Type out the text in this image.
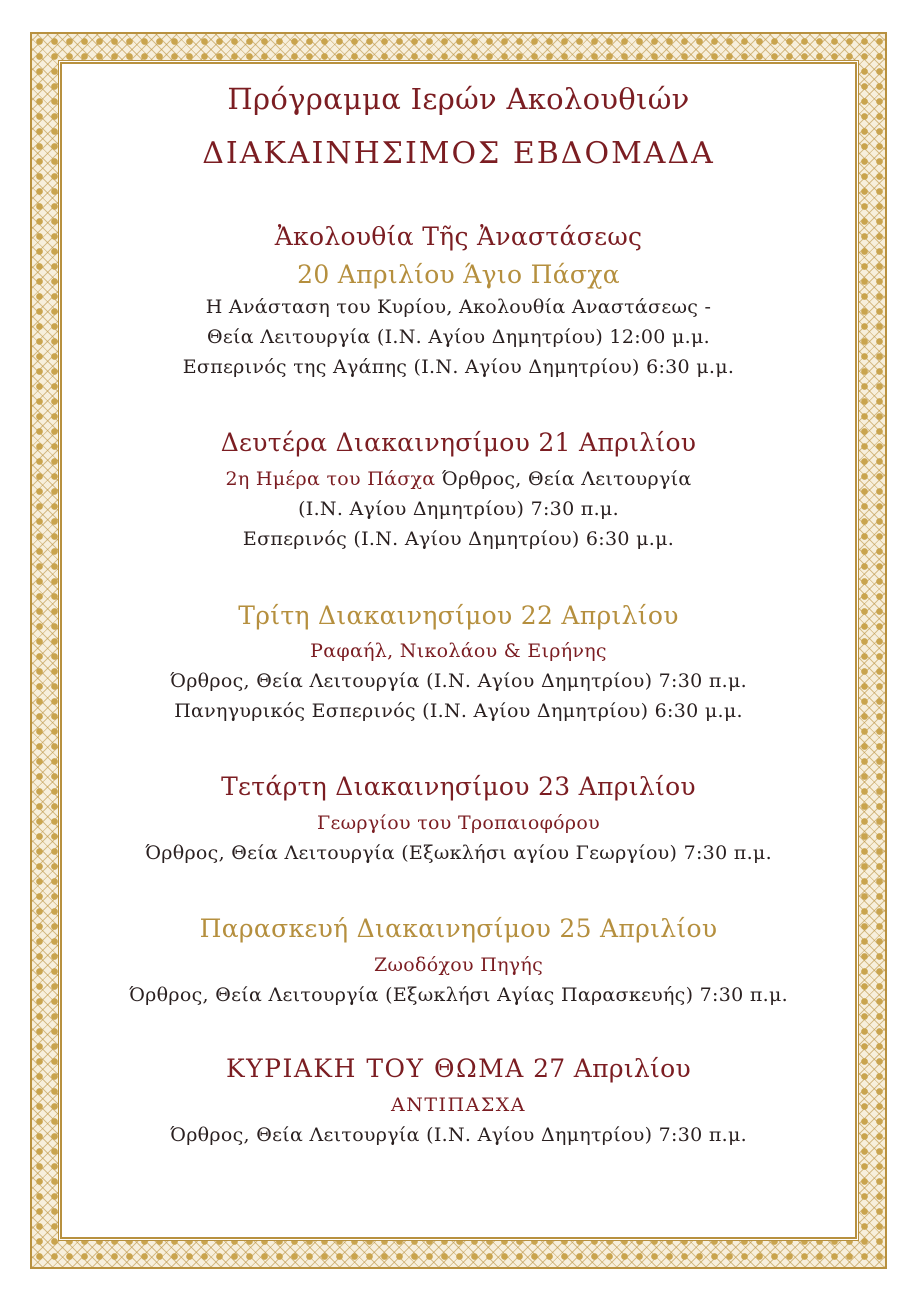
Πρόγραμμα Ιερών Ακολουθιών
ΔΙΑΚΑΙΝΗΣΙΜΟΣ ΕΒΔΟΜΑΔΑ
Ἀκολουθία Τῆς Ἀναστάσεως
20 Απριλίου Άγιο Πάσχα
Η Ανάσταση του Κυρίου, Ακολουθία Αναστάσεως -
Θεία Λειτουργία (Ι.Ν. Αγίου Δημητρίου) 12:00 μ.μ.
Εσπερινός της Αγάπης (Ι.Ν. Αγίου Δημητρίου) 6:30 μ.μ.
Δευτέρα Διακαινησίμου 21 Απριλίου
2η Ημέρα του Πάσχα Όρθρος, Θεία Λειτουργία
(Ι.Ν. Αγίου Δημητρίου) 7:30 π.μ.
Εσπερινός (Ι.Ν. Αγίου Δημητρίου) 6:30 μ.μ.
Τρίτη Διακαινησίμου 22 Απριλίου
Ραφαήλ, Νικολάου & Ειρήνης
Όρθρος, Θεία Λειτουργία (Ι.Ν. Αγίου Δημητρίου) 7:30 π.μ.
Πανηγυρικός Εσπερινός (Ι.Ν. Αγίου Δημητρίου) 6:30 μ.μ.
Τετάρτη Διακαινησίμου 23 Απριλίου
Γεωργίου του Τροπαιοφόρου
Όρθρος, Θεία Λειτουργία (Εξωκλήσι αγίου Γεωργίου) 7:30 π.μ.
Παρασκευή Διακαινησίμου 25 Απριλίου
Ζωοδόχου Πηγής
Όρθρος, Θεία Λειτουργία (Εξωκλήσι Αγίας Παρασκευής) 7:30 π.μ.
ΚΥΡΙΑΚΗ ΤΟΥ ΘΩΜΑ 27 Απριλίου
ΑΝΤΙΠΑΣΧΑ
Όρθρος, Θεία Λειτουργία (Ι.Ν. Αγίου Δημητρίου) 7:30 π.μ.
